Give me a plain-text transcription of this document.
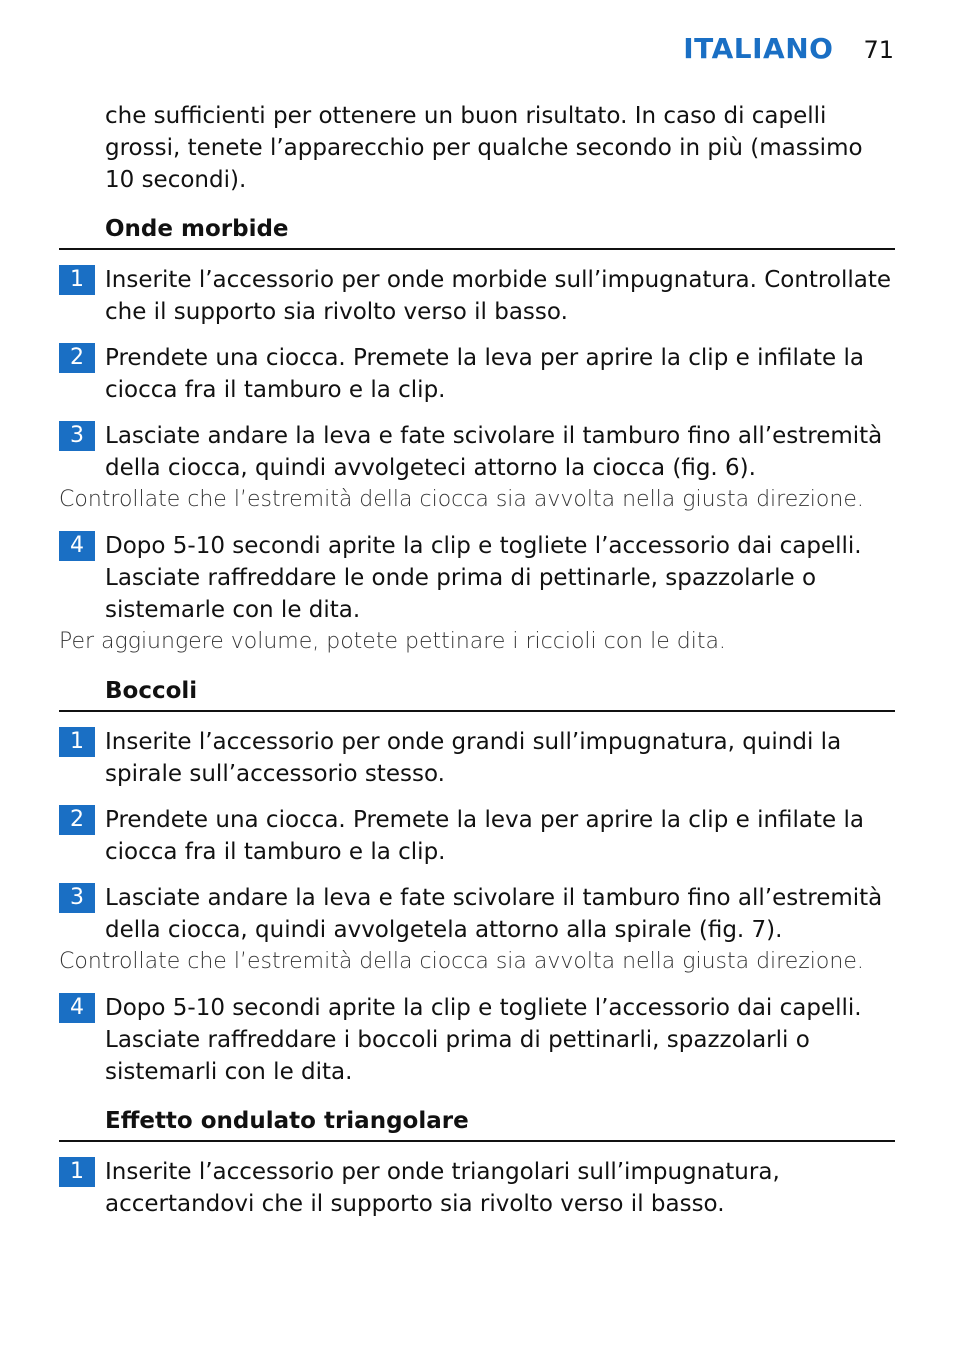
ITALIANO 71

che sufficienti per ottenere un buon risultato. In caso di capelli grossi, tenete l’apparecchio per qualche secondo in più (massimo 10 secondi).

Onde morbide
1 Inserite l’accessorio per onde morbide sull’impugnatura. Controllate che il supporto sia rivolto verso il basso.
2 Prendete una ciocca. Premete la leva per aprire la clip e infilate la ciocca fra il tamburo e la clip.
3 Lasciate andare la leva e fate scivolare il tamburo fino all’estremità della ciocca, quindi avvolgeteci attorno la ciocca (fig. 6).

Controllate che l’estremità della ciocca sia avvolta nella giusta direzione.

4 Dopo 5-10 secondi aprite la clip e togliete l’accessorio dai capelli. Lasciate raffreddare le onde prima di pettinarle, spazzolarle o sistemarle con le dita.

Per aggiungere volume, potete pettinare i riccioli con le dita.

Boccoli
1 Inserite l’accessorio per onde grandi sull’impugnatura, quindi la spirale sull’accessorio stesso.
2 Prendete una ciocca. Premete la leva per aprire la clip e infilate la ciocca fra il tamburo e la clip.
3 Lasciate andare la leva e fate scivolare il tamburo fino all’estremità della ciocca, quindi avvolgetela attorno alla spirale (fig. 7).

Controllate che l’estremità della ciocca sia avvolta nella giusta direzione.

4 Dopo 5-10 secondi aprite la clip e togliete l’accessorio dai capelli. Lasciate raffreddare i boccoli prima di pettinarli, spazzolarli o sistemarli con le dita.
Effetto ondulato triangolare
1 Inserite l’accessorio per onde triangolari sull’impugnatura, accertandovi che il supporto sia rivolto verso il basso.
